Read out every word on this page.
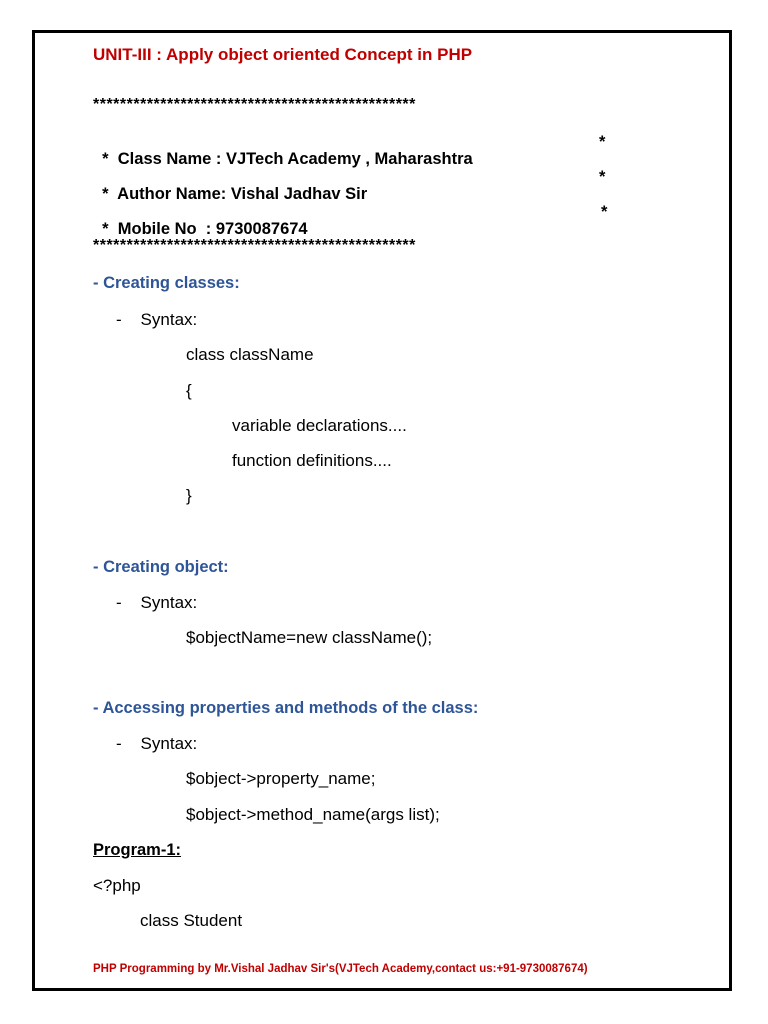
UNIT-III : Apply object oriented Concept in PHP
************************************************

*  Class Name : VJTech Academy , Maharashtra

*

*  Author Name: Vishal Jadhav Sir

*

*  Mobile No  : 9730087674

*

************************************************
- Creating classes:
-    Syntax:
class className
{
variable declarations....
function definitions....
}
- Creating object:
-    Syntax:
$objectName=new className();
- Accessing properties and methods of the class:
-    Syntax:
$object->property_name;
$object->method_name(args list);
Program-1:
<?php
class Student
PHP Programming by Mr.Vishal Jadhav Sir's(VJTech Academy,contact us:+91-9730087674)
